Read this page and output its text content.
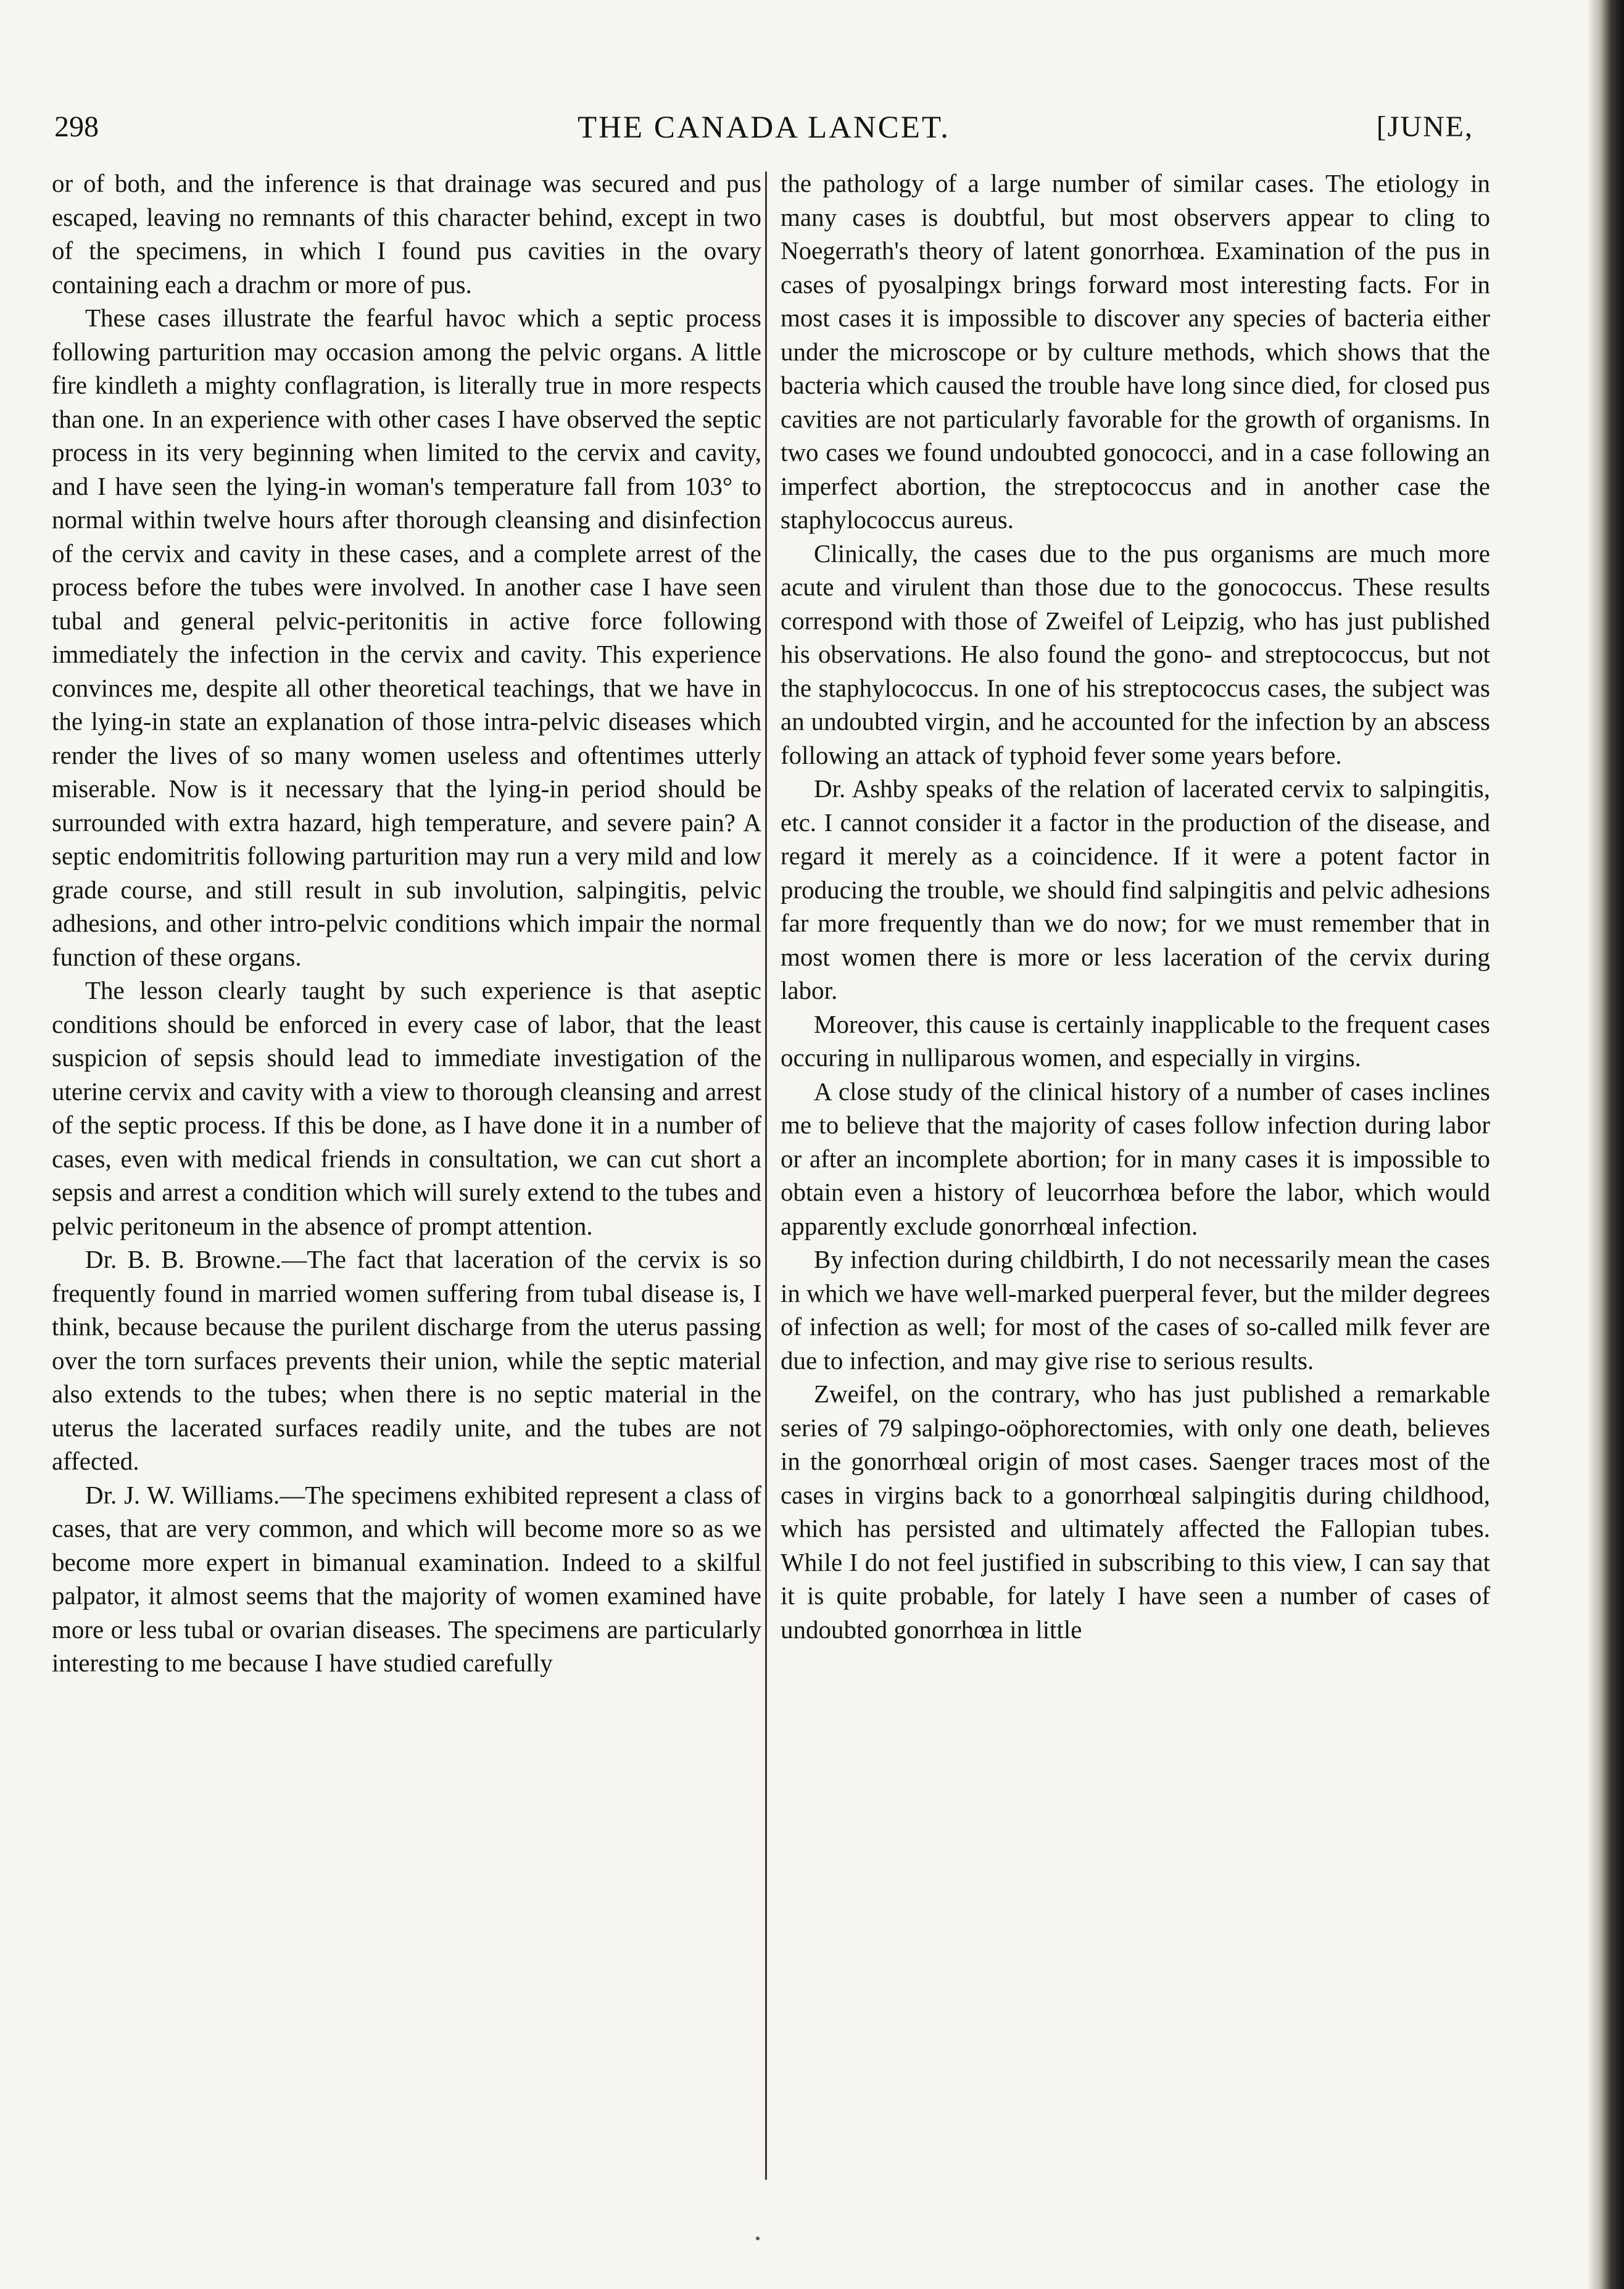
298	THE CANADA LANCET.	[JUNE,

or of both, and the inference is that drainage was secured and pus escaped, leaving no remnants of this character behind, except in two of the specimens, in which I found pus cavities in the ovary containing each a drachm or more of pus.

These cases illustrate the fearful havoc which a septic process following parturition may occasion among the pelvic organs. A little fire kindleth a mighty conflagration, is literally true in more respects than one. In an experience with other cases I have observed the septic process in its very beginning when limited to the cervix and cavity, and I have seen the lying-in woman's temperature fall from 103° to normal within twelve hours after thorough cleansing and disinfection of the cervix and cavity in these cases, and a complete arrest of the process before the tubes were involved. In another case I have seen tubal and general pelvic-peritonitis in active force following immediately the infection in the cervix and cavity. This experience convinces me, despite all other theoretical teachings, that we have in the lying-in state an explanation of those intra-pelvic diseases which render the lives of so many women useless and oftentimes utterly miserable. Now is it necessary that the lying-in period should be surrounded with extra hazard, high temperature, and severe pain? A septic endomitritis following parturition may run a very mild and low grade course, and still result in sub involution, salpingitis, pelvic adhesions, and other intro-pelvic conditions which impair the normal function of these organs.

The lesson clearly taught by such experience is that aseptic conditions should be enforced in every case of labor, that the least suspicion of sepsis should lead to immediate investigation of the uterine cervix and cavity with a view to thorough cleansing and arrest of the septic process. If this be done, as I have done it in a number of cases, even with medical friends in consultation, we can cut short a sepsis and arrest a condition which will surely extend to the tubes and pelvic peritoneum in the absence of prompt attention.

Dr. B. B. Browne.—The fact that laceration of the cervix is so frequently found in married women suffering from tubal disease is, I think, because because the purilent discharge from the uterus passing over the torn surfaces prevents their union, while the septic material also extends to the tubes; when there is no septic material in the uterus the lacerated surfaces readily unite, and the tubes are not affected.

Dr. J. W. Williams.—The specimens exhibited represent a class of cases, that are very common, and which will become more so as we become more expert in bimanual examination. Indeed to a skilful palpator, it almost seems that the majority of women examined have more or less tubal or ovarian diseases. The specimens are particularly interesting to me because I have studied carefully

the pathology of a large number of similar cases. The etiology in many cases is doubtful, but most observers appear to cling to Noegerrath's theory of latent gonorrhœa. Examination of the pus in cases of pyosalpingx brings forward most interesting facts. For in most cases it is impossible to discover any species of bacteria either under the microscope or by culture methods, which shows that the bacteria which caused the trouble have long since died, for closed pus cavities are not particularly favorable for the growth of organisms. In two cases we found undoubted gonococci, and in a case following an imperfect abortion, the streptococcus and in another case the staphylococcus aureus.

Clinically, the cases due to the pus organisms are much more acute and virulent than those due to the gonococcus. These results correspond with those of Zweifel of Leipzig, who has just published his observations. He also found the gono- and streptococcus, but not the staphylococcus. In one of his streptococcus cases, the subject was an undoubted virgin, and he accounted for the infection by an abscess following an attack of typhoid fever some years before.

Dr. Ashby speaks of the relation of lacerated cervix to salpingitis, etc. I cannot consider it a factor in the production of the disease, and regard it merely as a coincidence. If it were a potent factor in producing the trouble, we should find salpingitis and pelvic adhesions far more frequently than we do now; for we must remember that in most women there is more or less laceration of the cervix during labor.

Moreover, this cause is certainly inapplicable to the frequent cases occuring in nulliparous women, and especially in virgins.

A close study of the clinical history of a number of cases inclines me to believe that the majority of cases follow infection during labor or after an incomplete abortion; for in many cases it is impossible to obtain even a history of leucorrhœa before the labor, which would apparently exclude gonorrhœal infection.

By infection during childbirth, I do not necessarily mean the cases in which we have well-marked puerperal fever, but the milder degrees of infection as well; for most of the cases of so-called milk fever are due to infection, and may give rise to serious results.

Zweifel, on the contrary, who has just published a remarkable series of 79 salpingo-oöphorectomies, with only one death, believes in the gonorrhœal origin of most cases. Saenger traces most of the cases in virgins back to a gonorrhœal salpingitis during childhood, which has persisted and ultimately affected the Fallopian tubes. While I do not feel justified in subscribing to this view, I can say that it is quite probable, for lately I have seen a number of cases of undoubted gonorrhœa in little
